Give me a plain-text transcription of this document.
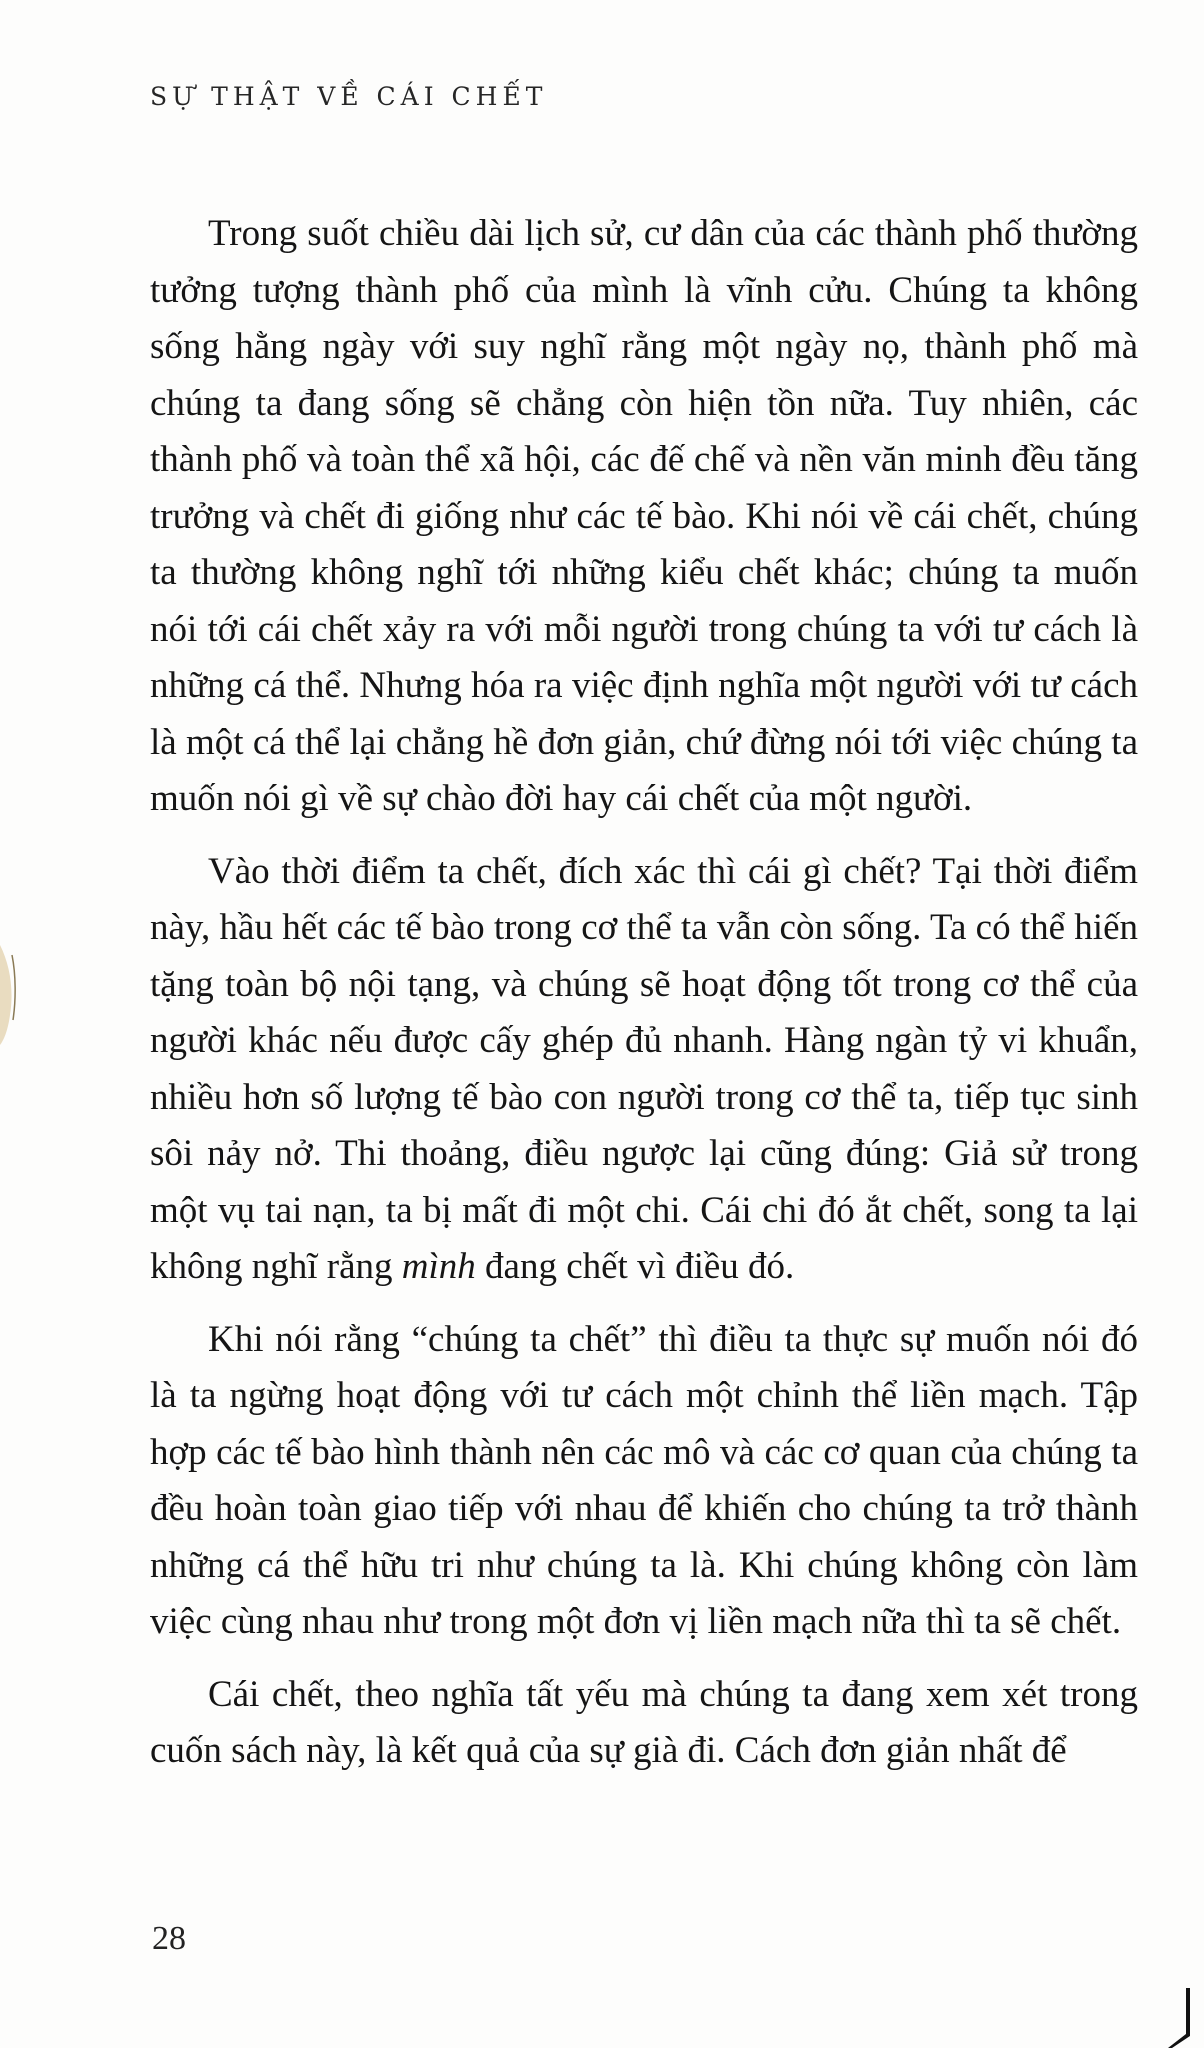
SỰ THẬT VỀ CÁI CHẾT

Trong suốt chiều dài lịch sử, cư dân của các thành phố thường tưởng tượng thành phố của mình là vĩnh cửu. Chúng ta không sống hằng ngày với suy nghĩ rằng một ngày nọ, thành phố mà chúng ta đang sống sẽ chẳng còn hiện tồn nữa. Tuy nhiên, các thành phố và toàn thể xã hội, các đế chế và nền văn minh đều tăng trưởng và chết đi giống như các tế bào. Khi nói về cái chết, chúng ta thường không nghĩ tới những kiểu chết khác; chúng ta muốn nói tới cái chết xảy ra với mỗi người trong chúng ta với tư cách là những cá thể. Nhưng hóa ra việc định nghĩa một người với tư cách là một cá thể lại chẳng hề đơn giản, chứ đừng nói tới việc chúng ta muốn nói gì về sự chào đời hay cái chết của một người.

Vào thời điểm ta chết, đích xác thì cái gì chết? Tại thời điểm này, hầu hết các tế bào trong cơ thể ta vẫn còn sống. Ta có thể hiến tặng toàn bộ nội tạng, và chúng sẽ hoạt động tốt trong cơ thể của người khác nếu được cấy ghép đủ nhanh. Hàng ngàn tỷ vi khuẩn, nhiều hơn số lượng tế bào con người trong cơ thể ta, tiếp tục sinh sôi nảy nở. Thi thoảng, điều ngược lại cũng đúng: Giả sử trong một vụ tai nạn, ta bị mất đi một chi. Cái chi đó ắt chết, song ta lại không nghĩ rằng mình đang chết vì điều đó.

Khi nói rằng “chúng ta chết” thì điều ta thực sự muốn nói đó là ta ngừng hoạt động với tư cách một chỉnh thể liền mạch. Tập hợp các tế bào hình thành nên các mô và các cơ quan của chúng ta đều hoàn toàn giao tiếp với nhau để khiến cho chúng ta trở thành những cá thể hữu tri như chúng ta là. Khi chúng không còn làm việc cùng nhau như trong một đơn vị liền mạch nữa thì ta sẽ chết.

Cái chết, theo nghĩa tất yếu mà chúng ta đang xem xét trong cuốn sách này, là kết quả của sự già đi. Cách đơn giản nhất để

28
